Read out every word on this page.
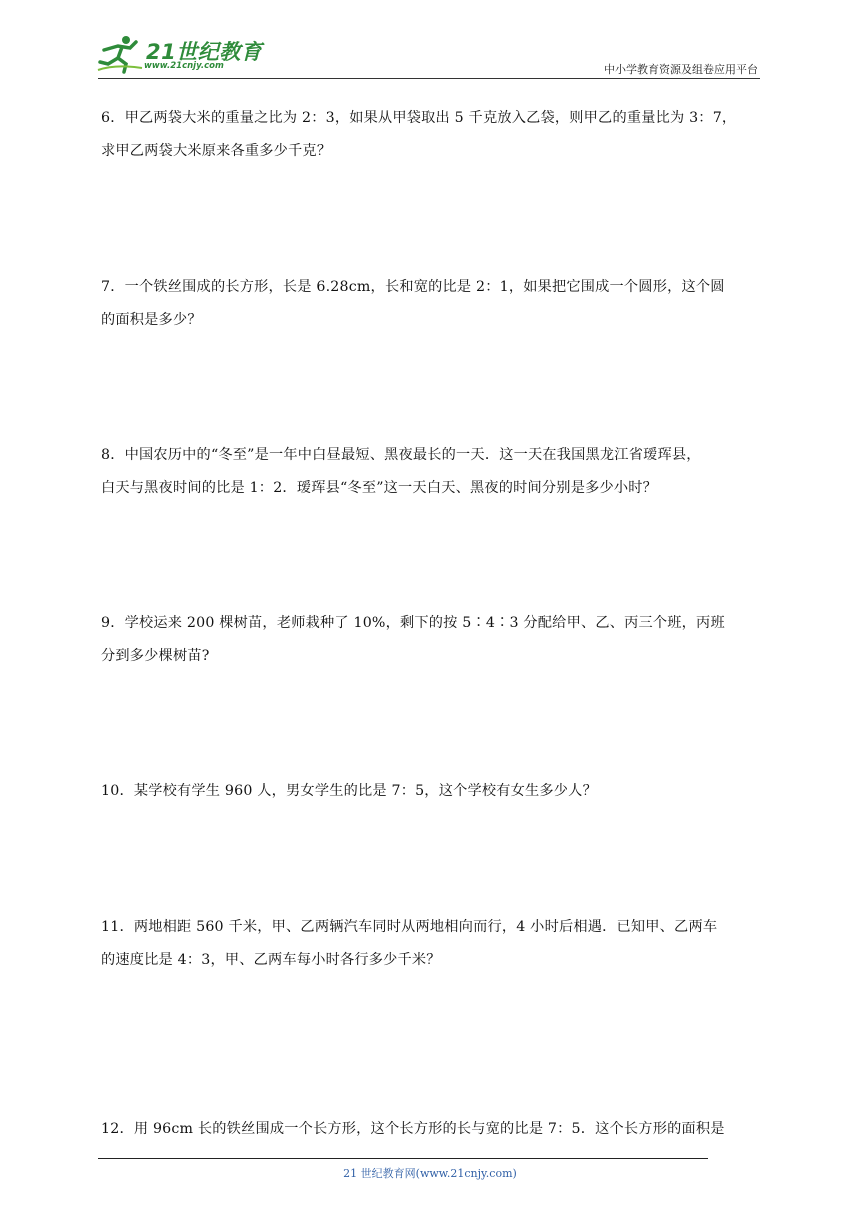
21世纪教育
www.21cnjy.com	中小学教育资源及组卷应用平台

6．甲乙两袋大米的重量之比为 2：3，如果从甲袋取出 5 千克放入乙袋，则甲乙的重量比为 3：7，

求甲乙两袋大米原来各重多少千克？

7．一个铁丝围成的长方形，长是 6.28cm，长和宽的比是 2：1，如果把它围成一个圆形，这个圆

的面积是多少？

8．中国农历中的“冬至”是一年中白昼最短、黑夜最长的一天．这一天在我国黑龙江省瑷珲县，

白天与黑夜时间的比是 1：2．瑷珲县“冬至”这一天白天、黑夜的时间分别是多少小时？

9．学校运来 200 棵树苗，老师栽种了 10%，剩下的按 5∶4∶3 分配给甲、乙、丙三个班，丙班

分到多少棵树苗?

10．某学校有学生 960 人，男女学生的比是 7：5，这个学校有女生多少人？

11．两地相距 560 千米，甲、乙两辆汽车同时从两地相向而行，4 小时后相遇．已知甲、乙两车

的速度比是 4：3，甲、乙两车每小时各行多少千米？

12．用 96cm 长的铁丝围成一个长方形，这个长方形的长与宽的比是 7：5．这个长方形的面积是

21 世纪教育网(www.21cnjy.com)
